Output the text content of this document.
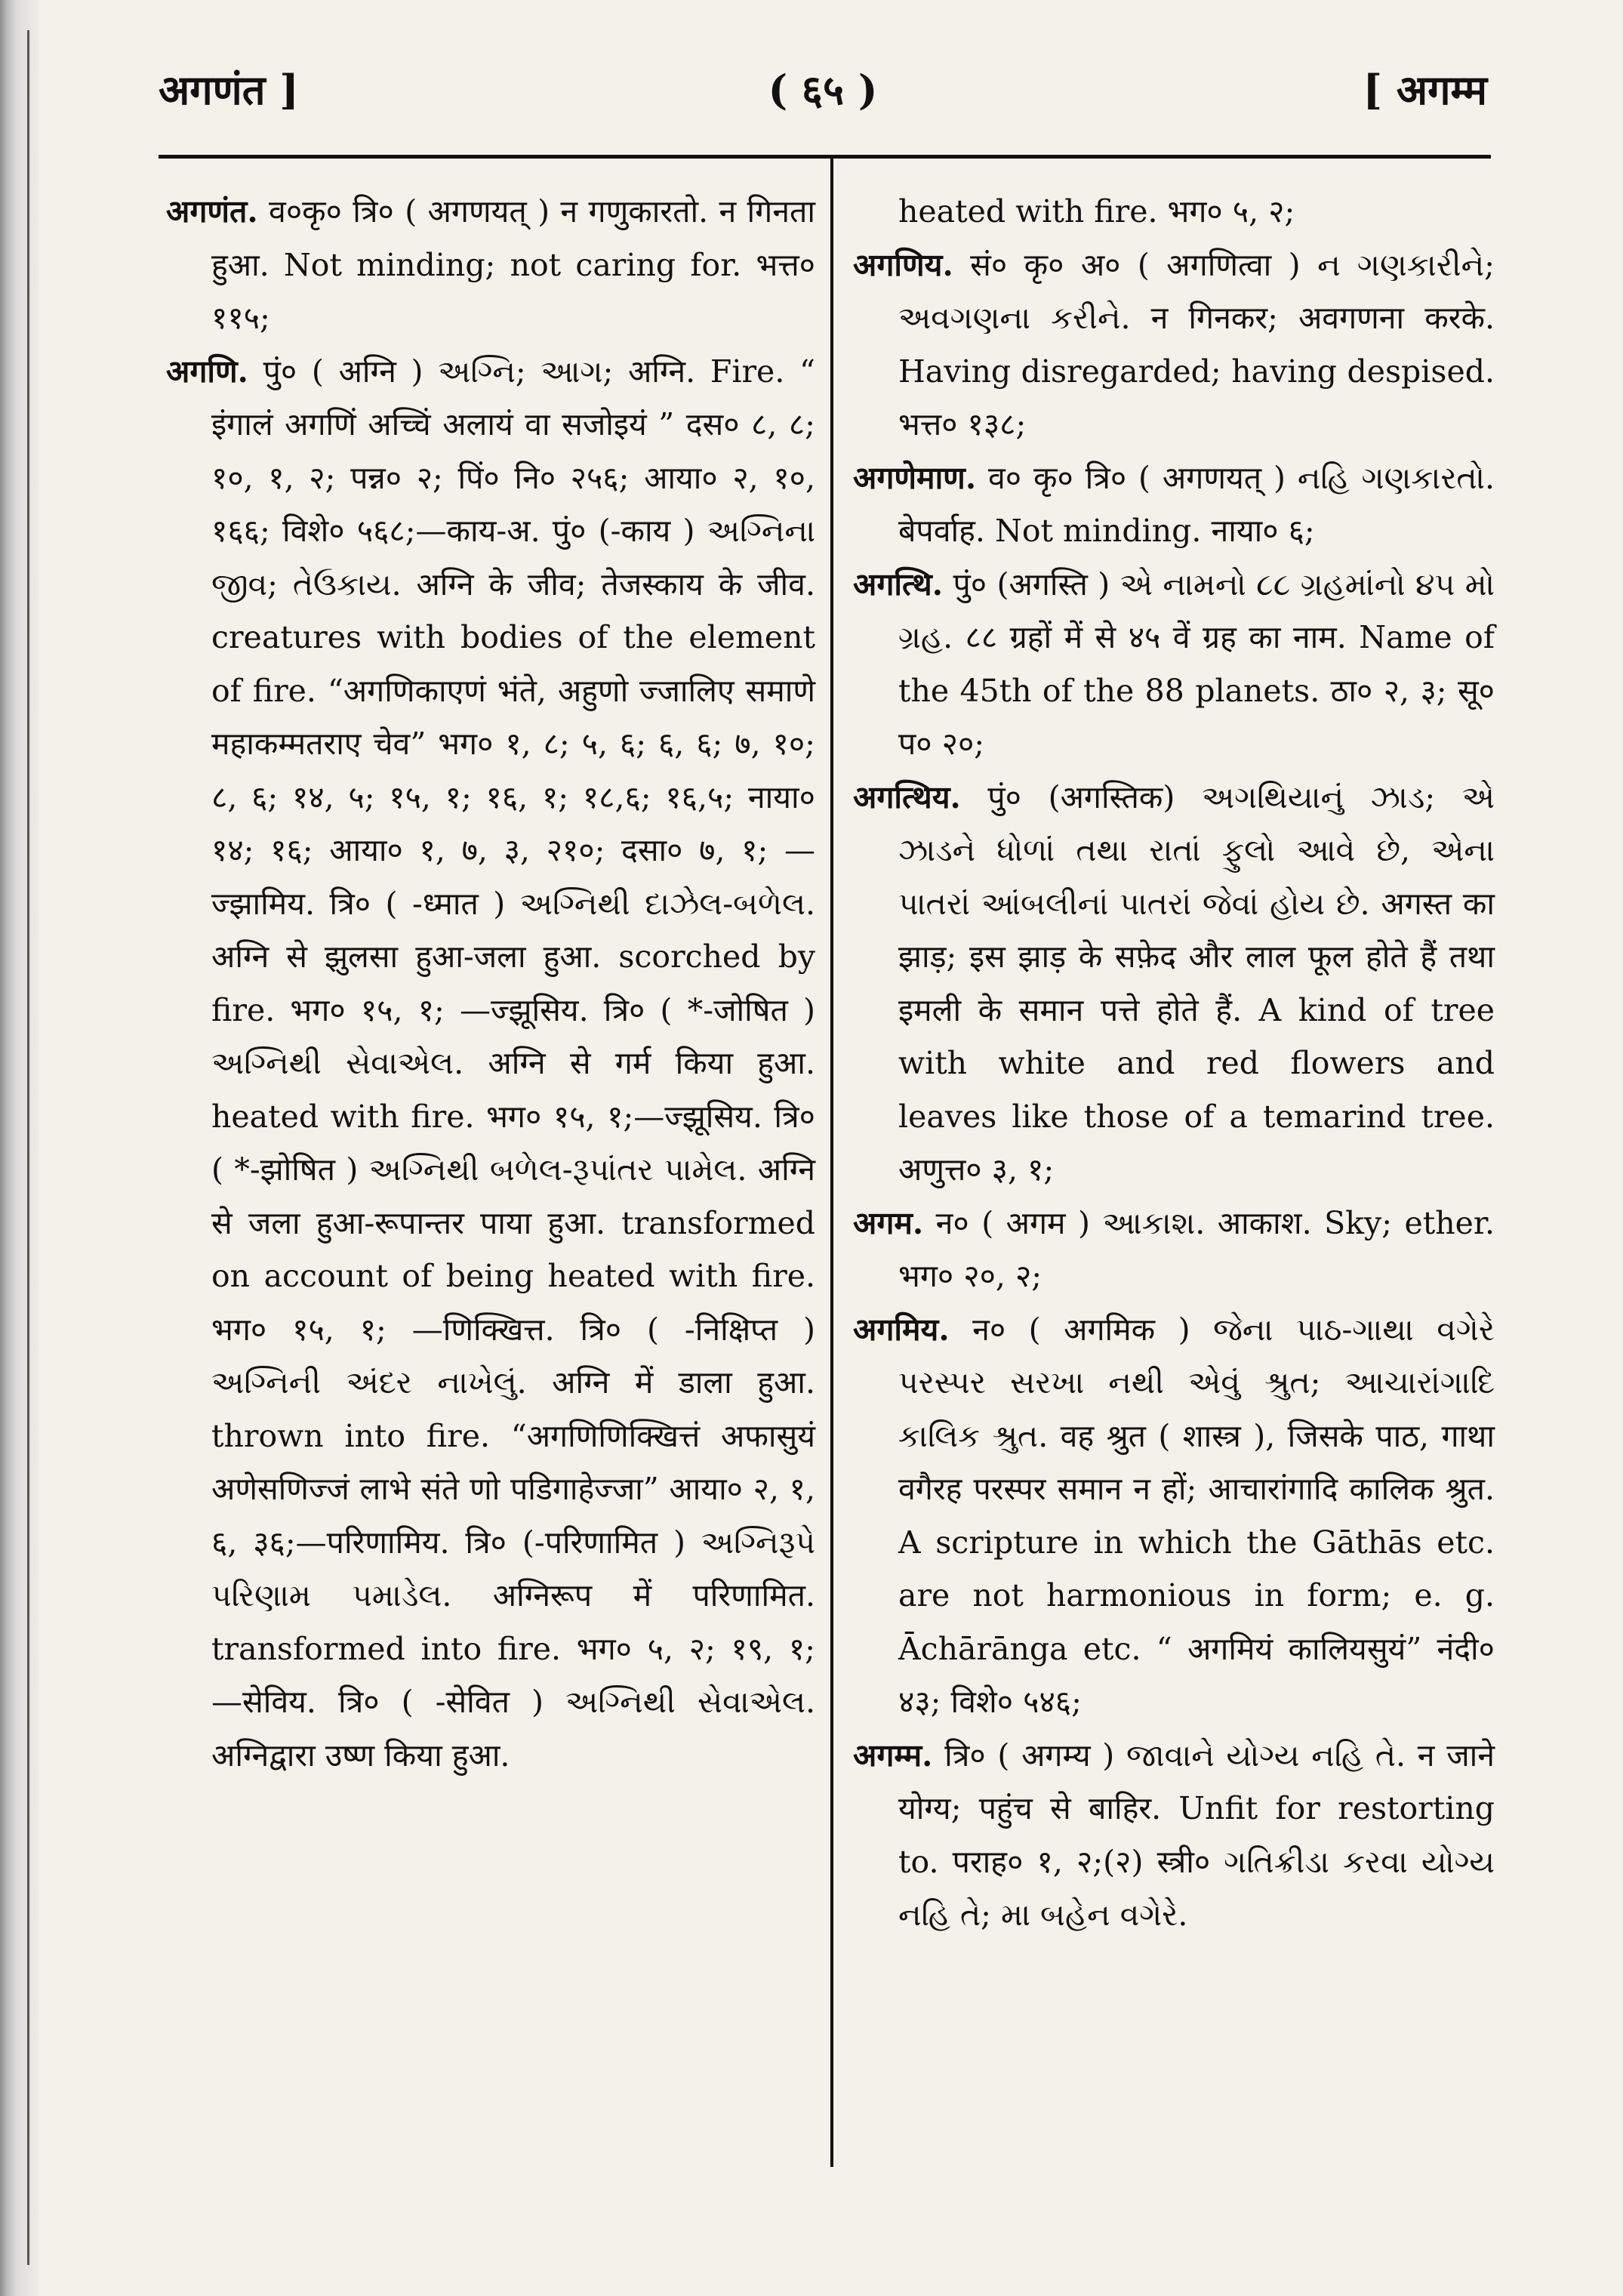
अगणंत ]	( ६५ )	[ अगम्म

अगणंत. व०कृ० त्रि० ( अगणयत् ) न गणुकारतो. न गिनता हुआ. Not minding; not caring for. भत्त० ११५;

अगणि. पुं० ( अग्नि ) અગ્નિ; આગ; अग्नि. Fire. “ इंगालं अगणिं अच्चिं अलायं वा सजोइयं ” दस० ८, ८; १०, १, २; पन्न० २; पिं० नि० २५६; आया० २, १०, १६६; विशे० ५६८;—काय-अ. पुं० (-काय ) અગ્નિના જીવ; તેઉકાય. अग्नि के जीव; तेजस्काय के जीव. creatures with bodies of the element of fire. “अगणिकाएणं भंते, अहुणो ज्जालिए समाणे महाकम्मतराए चेव” भग० १, ८; ५, ६; ६, ६; ७, १०; ८, ६; १४, ५; १५, १; १६, १; १८,६; १६,५; नाया० १४; १६; आया० १, ७, ३, २१०; दसा० ७, १; —ज्झामिय. त्रि० ( -ध्मात ) અગ્નિથી દાઝેલ-બળેલ. अग्नि से झुलसा हुआ-जला हुआ. scorched by fire. भग० १५, १; —ज्झूसिय. त्रि० ( *-जोषित ) અગ્નિથી સેવાએલ. अग्नि से गर्म किया हुआ. heated with fire. भग० १५, १;—ज्झूसिय. त्रि० ( *-झोषित ) અગ્નિથી બળેલ-રૂપાંતર પામેલ. अग्नि से जला हुआ-रूपान्तर पाया हुआ. transformed on account of being heated with fire. भग० १५, १; —णिक्खित्त. त्रि० ( -निक्षिप्त ) અગ્નિની અંદર નાખેલું. अग्नि में डाला हुआ. thrown into fire. “अगणिणिक्खित्तं अफासुयं अणेसणिज्जं लाभे संते णो पडिगाहेज्जा” आया० २, १, ६, ३६;—परिणामिय. त्रि० (-परिणामित ) અગ્નિરૂપે પરિણામ પમાડેલ. अग्निरूप में परिणामित. transformed into fire. भग० ५, २; १९, १; —सेविय. त्रि० ( -सेवित ) અગ્નિથી સેવાએલ. अग्निद्वारा उष्ण किया हुआ.

heated with fire. भग० ५, २;

अगणिय. सं० कृ० अ० ( अगणित्वा ) ન ગણકારીને; અવગણના કરીને. न गिनकर; अवगणना करके. Having disregarded; having despised. भत्त० १३८;

अगणेमाण. व० कृ० त्रि० ( अगणयत् ) નહિ ગણકારતો. बेपर्वाह. Not minding. नाया० ६;

अगत्थि. पुं० (अगस्ति ) એ નામનો ૮૮ ગ્રહમાંનો ૪૫ મો ગ્રહ. ८८ ग्रहों में से ४५ वें ग्रह का नाम. Name of the 45th of the 88 planets. ठा० २, ३; सू० प० २०;

अगत्थिय. पुं० (अगस्तिक) અગથિયાનું ઝાડ; એ ઝાડને ધોળાં તથા રાતાં ફુલો આવે છે, એના પાતરાં આંબલીનાં પાતરાં જેવાં હોય છે. अगस्त का झाड़; इस झाड़ के सफ़ेद और लाल फूल होते हैं तथा इमली के समान पत्ते होते हैं. A kind of tree with white and red flowers and leaves like those of a temarind tree. अणुत्त० ३, १;

अगम. न० ( अगम ) આકાશ. आकाश. Sky; ether. भग० २०, २;

अगमिय. न० ( अगमिक ) જેના પાઠ-ગાથા વગેરે પરસ્પર સરખા નથી એવું શ્રુત; આચારાંગાદિ કાલિક શ્રુત. वह श्रुत ( शास्त्र ), जिसके पाठ, गाथा वगैरह परस्पर समान न हों; आचारांगादि कालिक श्रुत. A scripture in which the Gāthās etc. are not harmonious in form; e. g. Āchārānga etc. “ अगमियं कालियसुयं” नंदी० ४३; विशे० ५४६;

अगम्म. त्रि० ( अगम्य ) જાવાને યોગ્ય નહિ તે. न जाने योग्य; पहुंच से बाहिर. Unfit for restorting to. पराह० १, २;(२) स्त्री० ગતિક્રીડા કરવા યોગ્ય નહિ તે; મા બહેન વગેરે.
